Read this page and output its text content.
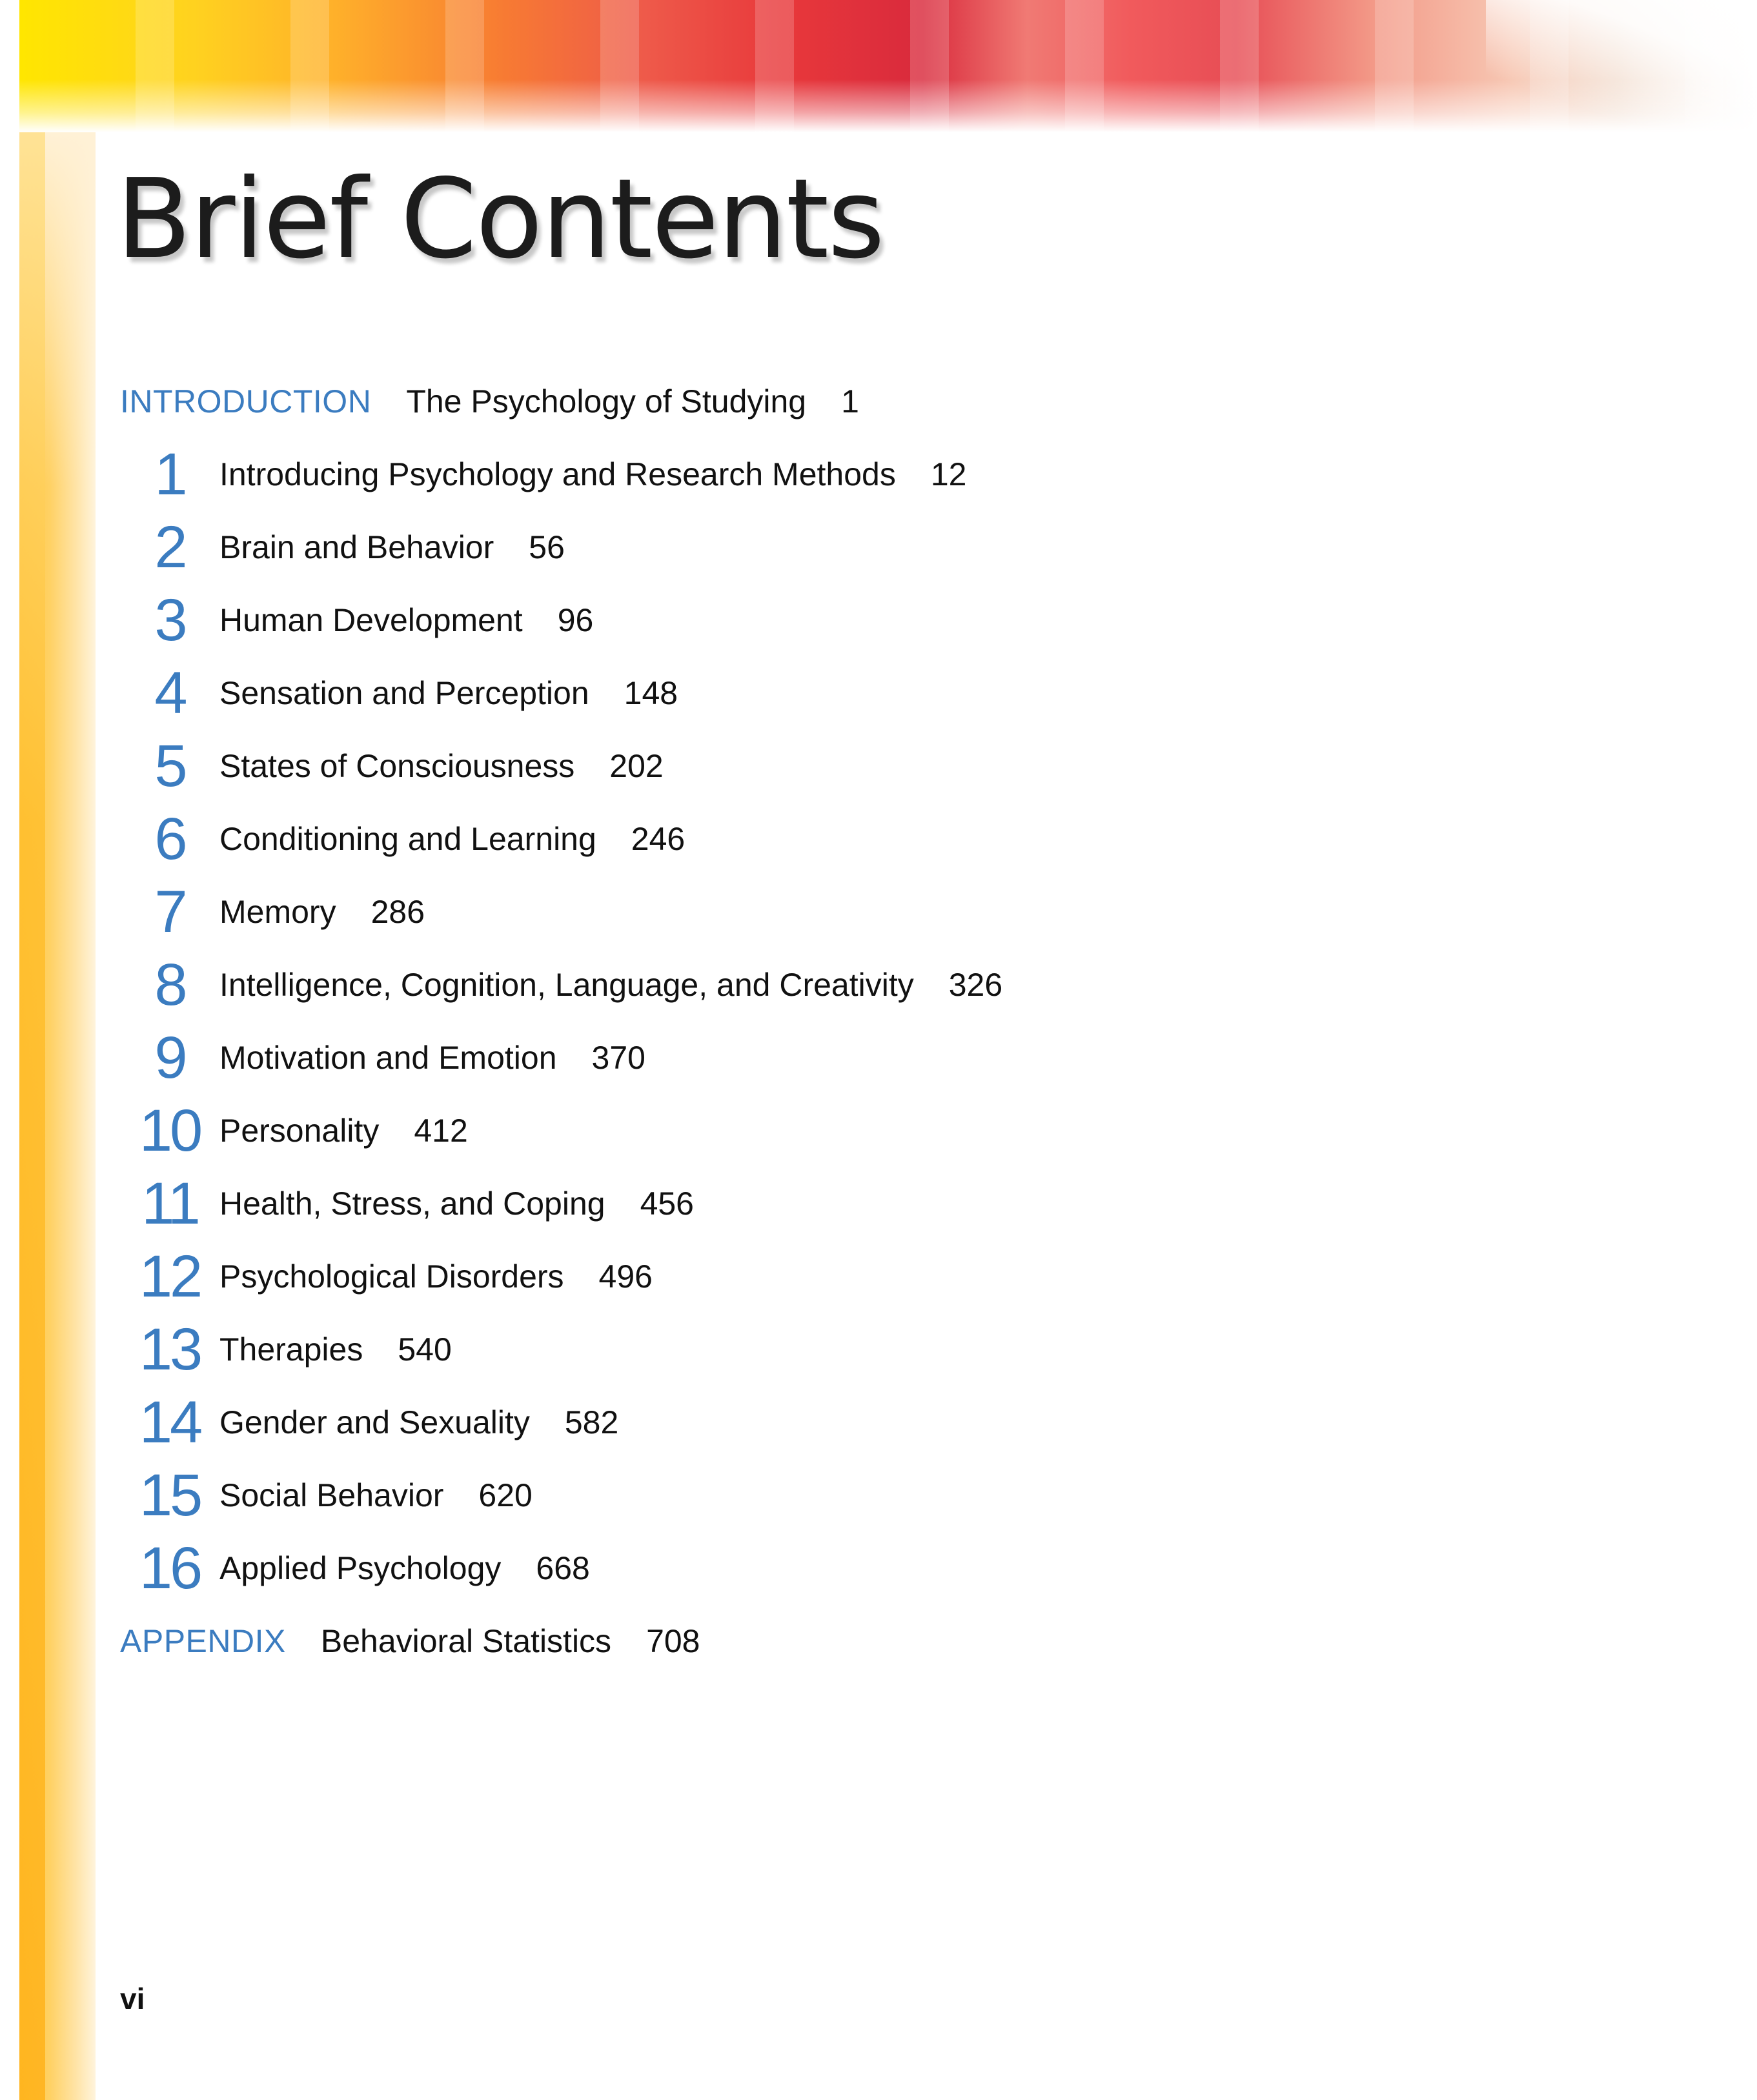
Brief Contents
INTRODUCTION The Psychology of Studying 1
1	Introducing Psychology and Research Methods 12
2	Brain and Behavior 56
3	Human Development 96
4	Sensation and Perception 148
5	States of Consciousness 202
6	Conditioning and Learning 246
7	Memory 286
8	Intelligence, Cognition, Language, and Creativity 326
9	Motivation and Emotion 370
10 Personality 412
11 Health, Stress, and Coping 456
12 Psychological Disorders 496
13 Therapies 540
14 Gender and Sexuality 582
15 Social Behavior 620
16 Applied Psychology 668
APPENDIX Behavioral Statistics 708
vi
